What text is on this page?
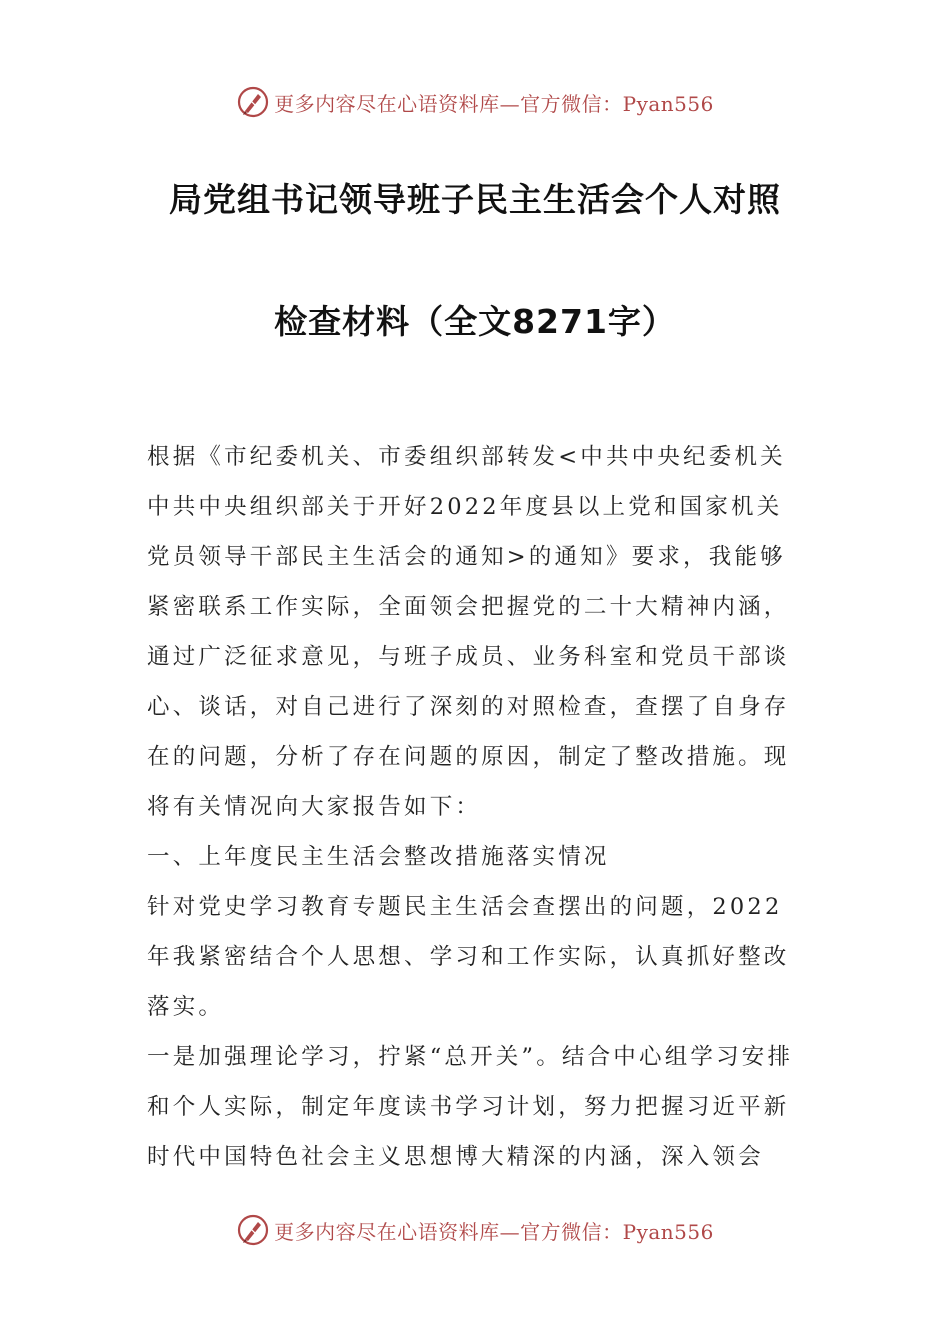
更多内容尽在心语资料库—官方微信：Pyan556
局党组书记领导班子民主生活会个人对照
检查材料（全文8271字）

根据《市纪委机关、市委组织部转发<中共中央纪委机关中共中央组织部关于开好2022年度县以上党和国家机关党员领导干部民主生活会的通知>的通知》要求，我能够紧密联系工作实际，全面领会把握党的二十大精神内涵，通过广泛征求意见，与班子成员、业务科室和党员干部谈心、谈话，对自己进行了深刻的对照检查，查摆了自身存在的问题，分析了存在问题的原因，制定了整改措施。现将有关情况向大家报告如下：

一、上年度民主生活会整改措施落实情况

针对党史学习教育专题民主生活会查摆出的问题，2022年我紧密结合个人思想、学习和工作实际，认真抓好整改落实。

一是加强理论学习，拧紧“总开关”。结合中心组学习安排和个人实际，制定年度读书学习计划，努力把握习近平新时代中国特色社会主义思想博大精深的内涵，深入领会

更多内容尽在心语资料库—官方微信：Pyan556
